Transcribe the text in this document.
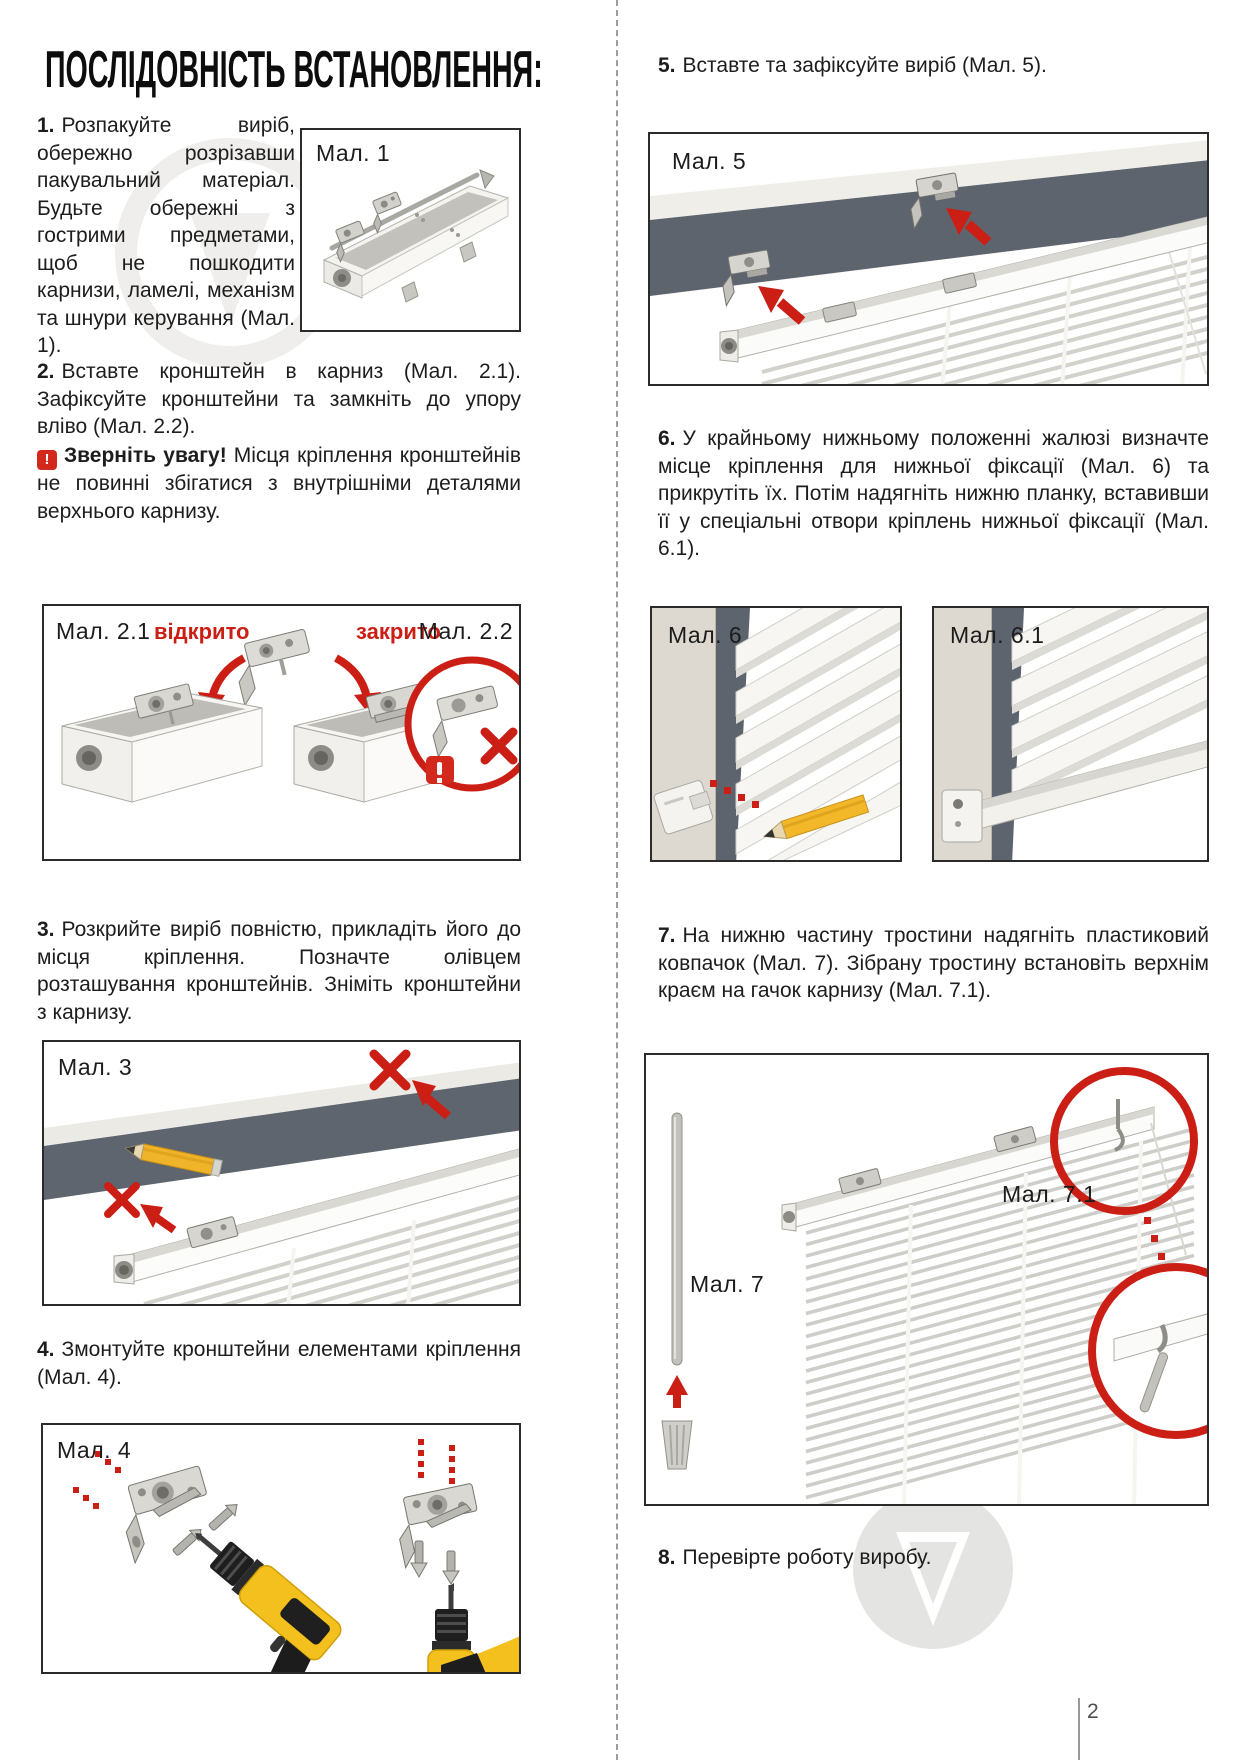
ПОСЛІДОВНІСТЬ ВСТАНОВЛЕННЯ:

1. Розпакуйте виріб, обережно розрізавши пакувальний матеріал. Будьте обережні з гострими предметами, щоб не пошкодити карнизи, ламелі, механізм та шнури керування (Мал. 1).

Мал. 1

2. Вставте кронштейн в карниз (Мал. 2.1). Зафіксуйте кронштейни та замкніть до упору вліво (Мал. 2.2).

! Зверніть увагу! Місця кріплення кронштейнів не повинні збігатися з внутрішніми деталями верхнього карнизу.

Мал. 2.1 відкрито	закрито
Мал. 2.2

3. Розкрийте виріб повністю, прикладіть його до місця кріплення. Позначте олівцем розташування кронштейнів. Зніміть кронштейни з карнизу.

Мал. 3

4. Змонтуйте кронштейни елементами кріплення (Мал. 4).

Мал. 4

5. Вставте та зафіксуйте виріб (Мал. 5).

Мал. 5

6. У крайньому нижньому положенні жалюзі визначте місце кріплення для нижньої фіксації (Мал. 6) та прикрутіть їх. Потім надягніть нижню планку, вставивши її у спеціальні отвори кріплень нижньої фіксації (Мал. 6.1).

Мал. 6	Мал. 6.1

7. На нижню частину тростини надягніть пластиковий ковпачок (Мал. 7). Зібрану тростину встановіть верхнім краєм на гачок карнизу (Мал. 7.1).

Мал. 7
Мал. 7.1

8. Перевірте роботу виробу.

2
